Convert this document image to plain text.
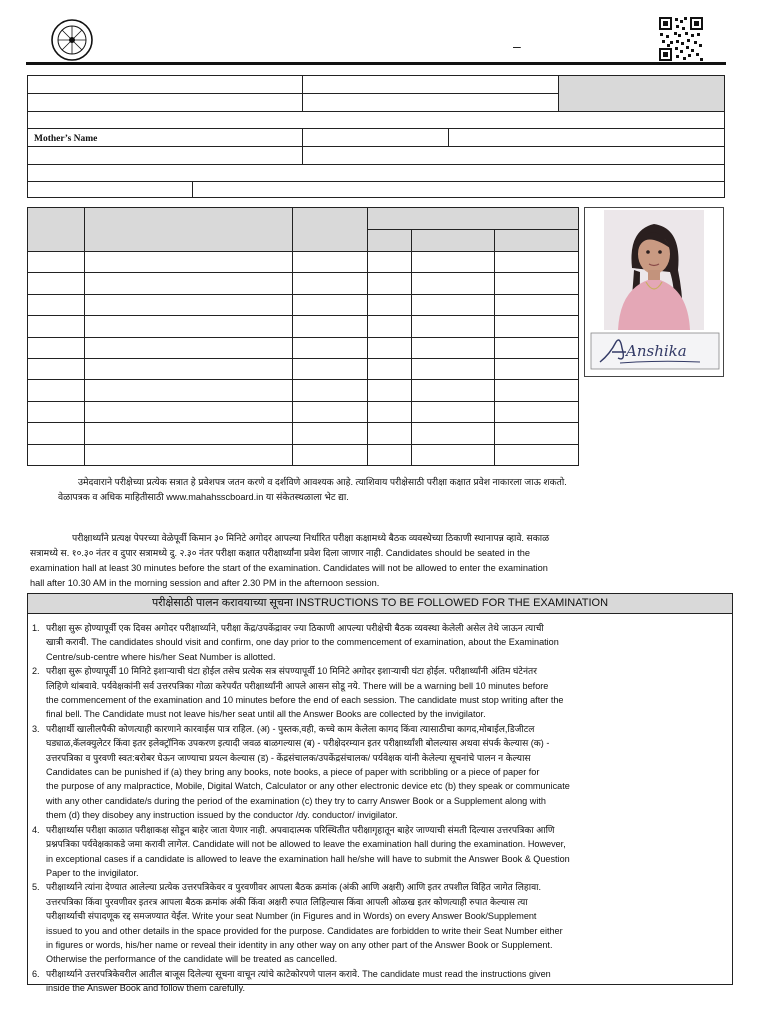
–
Mother’s Name
Anshika
उमेदवाराने परीक्षेच्या प्रत्येक सत्रात हे प्रवेशपत्र जतन करणे व दर्शविणे आवश्यक आहे. त्याशिवाय परीक्षेसाठी परीक्षा कक्षात प्रवेश नाकारला जाऊ शकतो.
वेळापत्रक व अधिक माहितीसाठी www.mahahsscboard.in या संकेतस्थळाला भेट द्या.
परीक्षार्थ्यांने प्रत्यक्ष पेपरच्या वेळेपूर्वी किमान ३० मिनिटे अगोदर आपल्या निर्धारित परीक्षा कक्षामध्ये बैठक व्यवस्थेच्या ठिकाणी स्थानापन्न व्हावे. सकाळ
सत्रामध्ये स. १०.३० नंतर व दुपार सत्रामध्ये दु. २.३० नंतर परीक्षा कक्षात परीक्षार्थ्यांना प्रवेश दिला जाणार नाही. Candidates should be seated in the
examination hall at least 30 minutes before the start of the examination. Candidates will not be allowed to enter the examination
hall after 10.30 AM in the morning session and after 2.30 PM in the afternoon session.
परीक्षेसाठी पालन करावयाच्या सूचना INSTRUCTIONS TO BE FOLLOWED FOR THE EXAMINATION
1. परीक्षा सुरू होण्यापूर्वी एक दिवस अगोदर परीक्षार्थ्याने, परीक्षा केंद्र/उपकेंद्रावर ज्या ठिकाणी आपल्या परीक्षेची बैठक व्यवस्था केलेली असेल तेथे जाऊन त्याची
खात्री करावी. The candidates should visit and confirm, one day prior to the commencement of examination, about the Examination
Centre/sub-centre where his/her Seat Number is allotted.
2. परीक्षा सुरू होण्यापूर्वी 10 मिनिटे इशाऱ्याची घंटा होईल तसेच प्रत्येक सत्र संपण्यापूर्वी 10 मिनिटे अगोदर इशाऱ्याची घंटा होईल. परीक्षार्थ्यांनी अंतिम घंटेनंतर
लिहिणे थांबवावे. पर्यवेक्षकांनी सर्व उत्तरपत्रिका गोळा करेपर्यंत परीक्षार्थ्यांनी आपले आसन सोडू नये. There will be a warning bell 10 minutes before
the commencement of the examination and 10 minutes before the end of each session. The candidate must stop writing after the
final bell. The Candidate must not leave his/her seat until all the Answer Books are collected by the invigilator.
3. परीक्षार्थी खालीलपैकी कोणत्याही कारणाने कारवाईस पात्र राहिल. (अ) - पुस्तक,वही, कच्चे काम केलेला कागद किंवा त्यासाठीचा कागद,मोबाईल,डिजीटल
घड्याळ,कॅलक्युलेटर किंवा इतर इलेक्ट्रॉनिक उपकरण इत्यादी जवळ बाळगल्यास (ब) - परीक्षेदरम्यान इतर परीक्षार्थ्यांशी बोलल्यास अथवा संपर्क केल्यास (क) -
उत्तरपत्रिका व पुरवणी स्वत:बरोबर घेऊन जाण्याचा प्रयत्न केल्यास (ड) - केंद्रसंचालक/उपकेंद्रसंचालक/ पर्यवेक्षक यांनी केलेल्या सूचनांचे पालन न केल्यास
Candidates can be punished if (a) they bring any books, note books, a piece of paper with scribbling or a piece of paper for
the purpose of any malpractice, Mobile, Digital Watch, Calculator or any other electronic device etc (b) they speak or communicate
with any other candidate/s during the period of the examination (c) they try to carry Answer Book or a Supplement along with
them (d) they disobey any instruction issued by the conductor /dy. conductor/ invigilator.
4. परीक्षार्थ्यास परीक्षा काळात परीक्षाकक्ष सोडून बाहेर जाता येणार नाही. अपवादात्मक परिस्थितीत परीक्षागृहातून बाहेर जाण्याची संमती दिल्यास उत्तरपत्रिका आणि
प्रश्नपत्रिका पर्यवेक्षकाकडे जमा करावी लागेल. Candidate will not be allowed to leave the examination hall during the examination. However,
in exceptional cases if a candidate is allowed to leave the examination hall he/she will have to submit the Answer Book & Question
Paper to the invigilator.
5. परीक्षार्थ्याने त्यांना देण्यात आलेल्या प्रत्येक उत्तरपत्रिकेवर व पुरवणीवर आपला बैठक क्रमांक (अंकी आणि अक्षरी) आणि इतर तपशील विहित जागेत लिहावा.
उत्तरपत्रिका किंवा पुरवणीवर इतरत्र आपला बैठक क्रमांक अंकी किंवा अक्षरी रुपात लिहिल्यास किंवा आपली ओळख इतर कोणत्याही रुपात केल्यास त्या
परीक्षार्थ्याची संपादणूक रद्द समजण्यात येईल. Write your seat Number (in Figures and in Words) on every Answer Book/Supplement
issued to you and other details in the space provided for the purpose. Candidates are forbidden to write their Seat Number either
in figures or words, his/her name or reveal their identity in any other way on any other part of the Answer Book or Supplement.
Otherwise the performance of the candidate will be treated as cancelled.
6. परीक्षार्थ्याने उत्तरपत्रिकेवरील आतील बाजूस दिलेल्या सूचना वाचून त्यांचे काटेकोरपणे पालन करावे. The candidate must read the instructions given
inside the Answer Book and follow them carefully.
